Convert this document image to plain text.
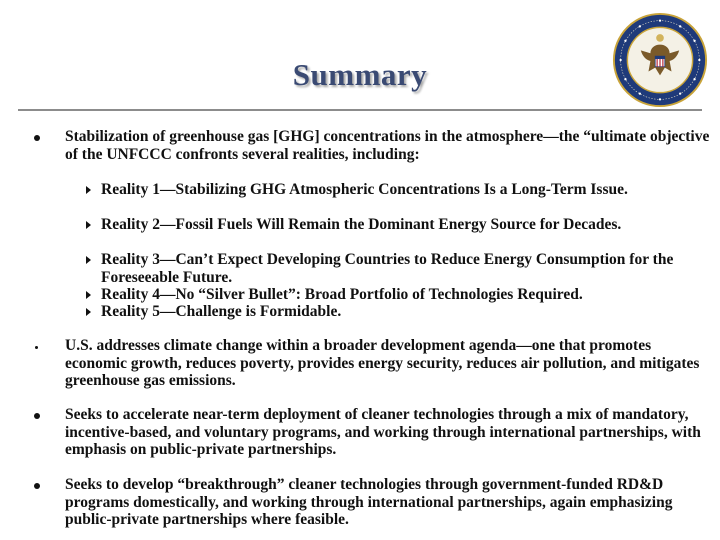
Summary

Stabilization of greenhouse gas [GHG] concentrations in the atmosphere—the “ultimate objective of the UNFCCC confronts several realities, including:

Reality 1—Stabilizing GHG Atmospheric Concentrations Is a Long-Term Issue.

Reality 2—Fossil Fuels Will Remain the Dominant Energy Source for Decades.

Reality 3—Can’t Expect Developing Countries to Reduce Energy Consumption for the Foreseeable Future.

Reality 4—No “Silver Bullet”: Broad Portfolio of Technologies Required.

Reality 5—Challenge is Formidable.

U.S. addresses climate change within a broader development agenda—one that promotes economic growth, reduces poverty, provides energy security, reduces air pollution, and mitigates greenhouse gas emissions.

Seeks to accelerate near-term deployment of cleaner technologies through a mix of mandatory, incentive-based, and voluntary programs, and working through international partnerships, with emphasis on public-private partnerships.

Seeks to develop “breakthrough” cleaner technologies through government-funded RD&D programs domestically, and working through international partnerships, again emphasizing public-private partnerships where feasible.
